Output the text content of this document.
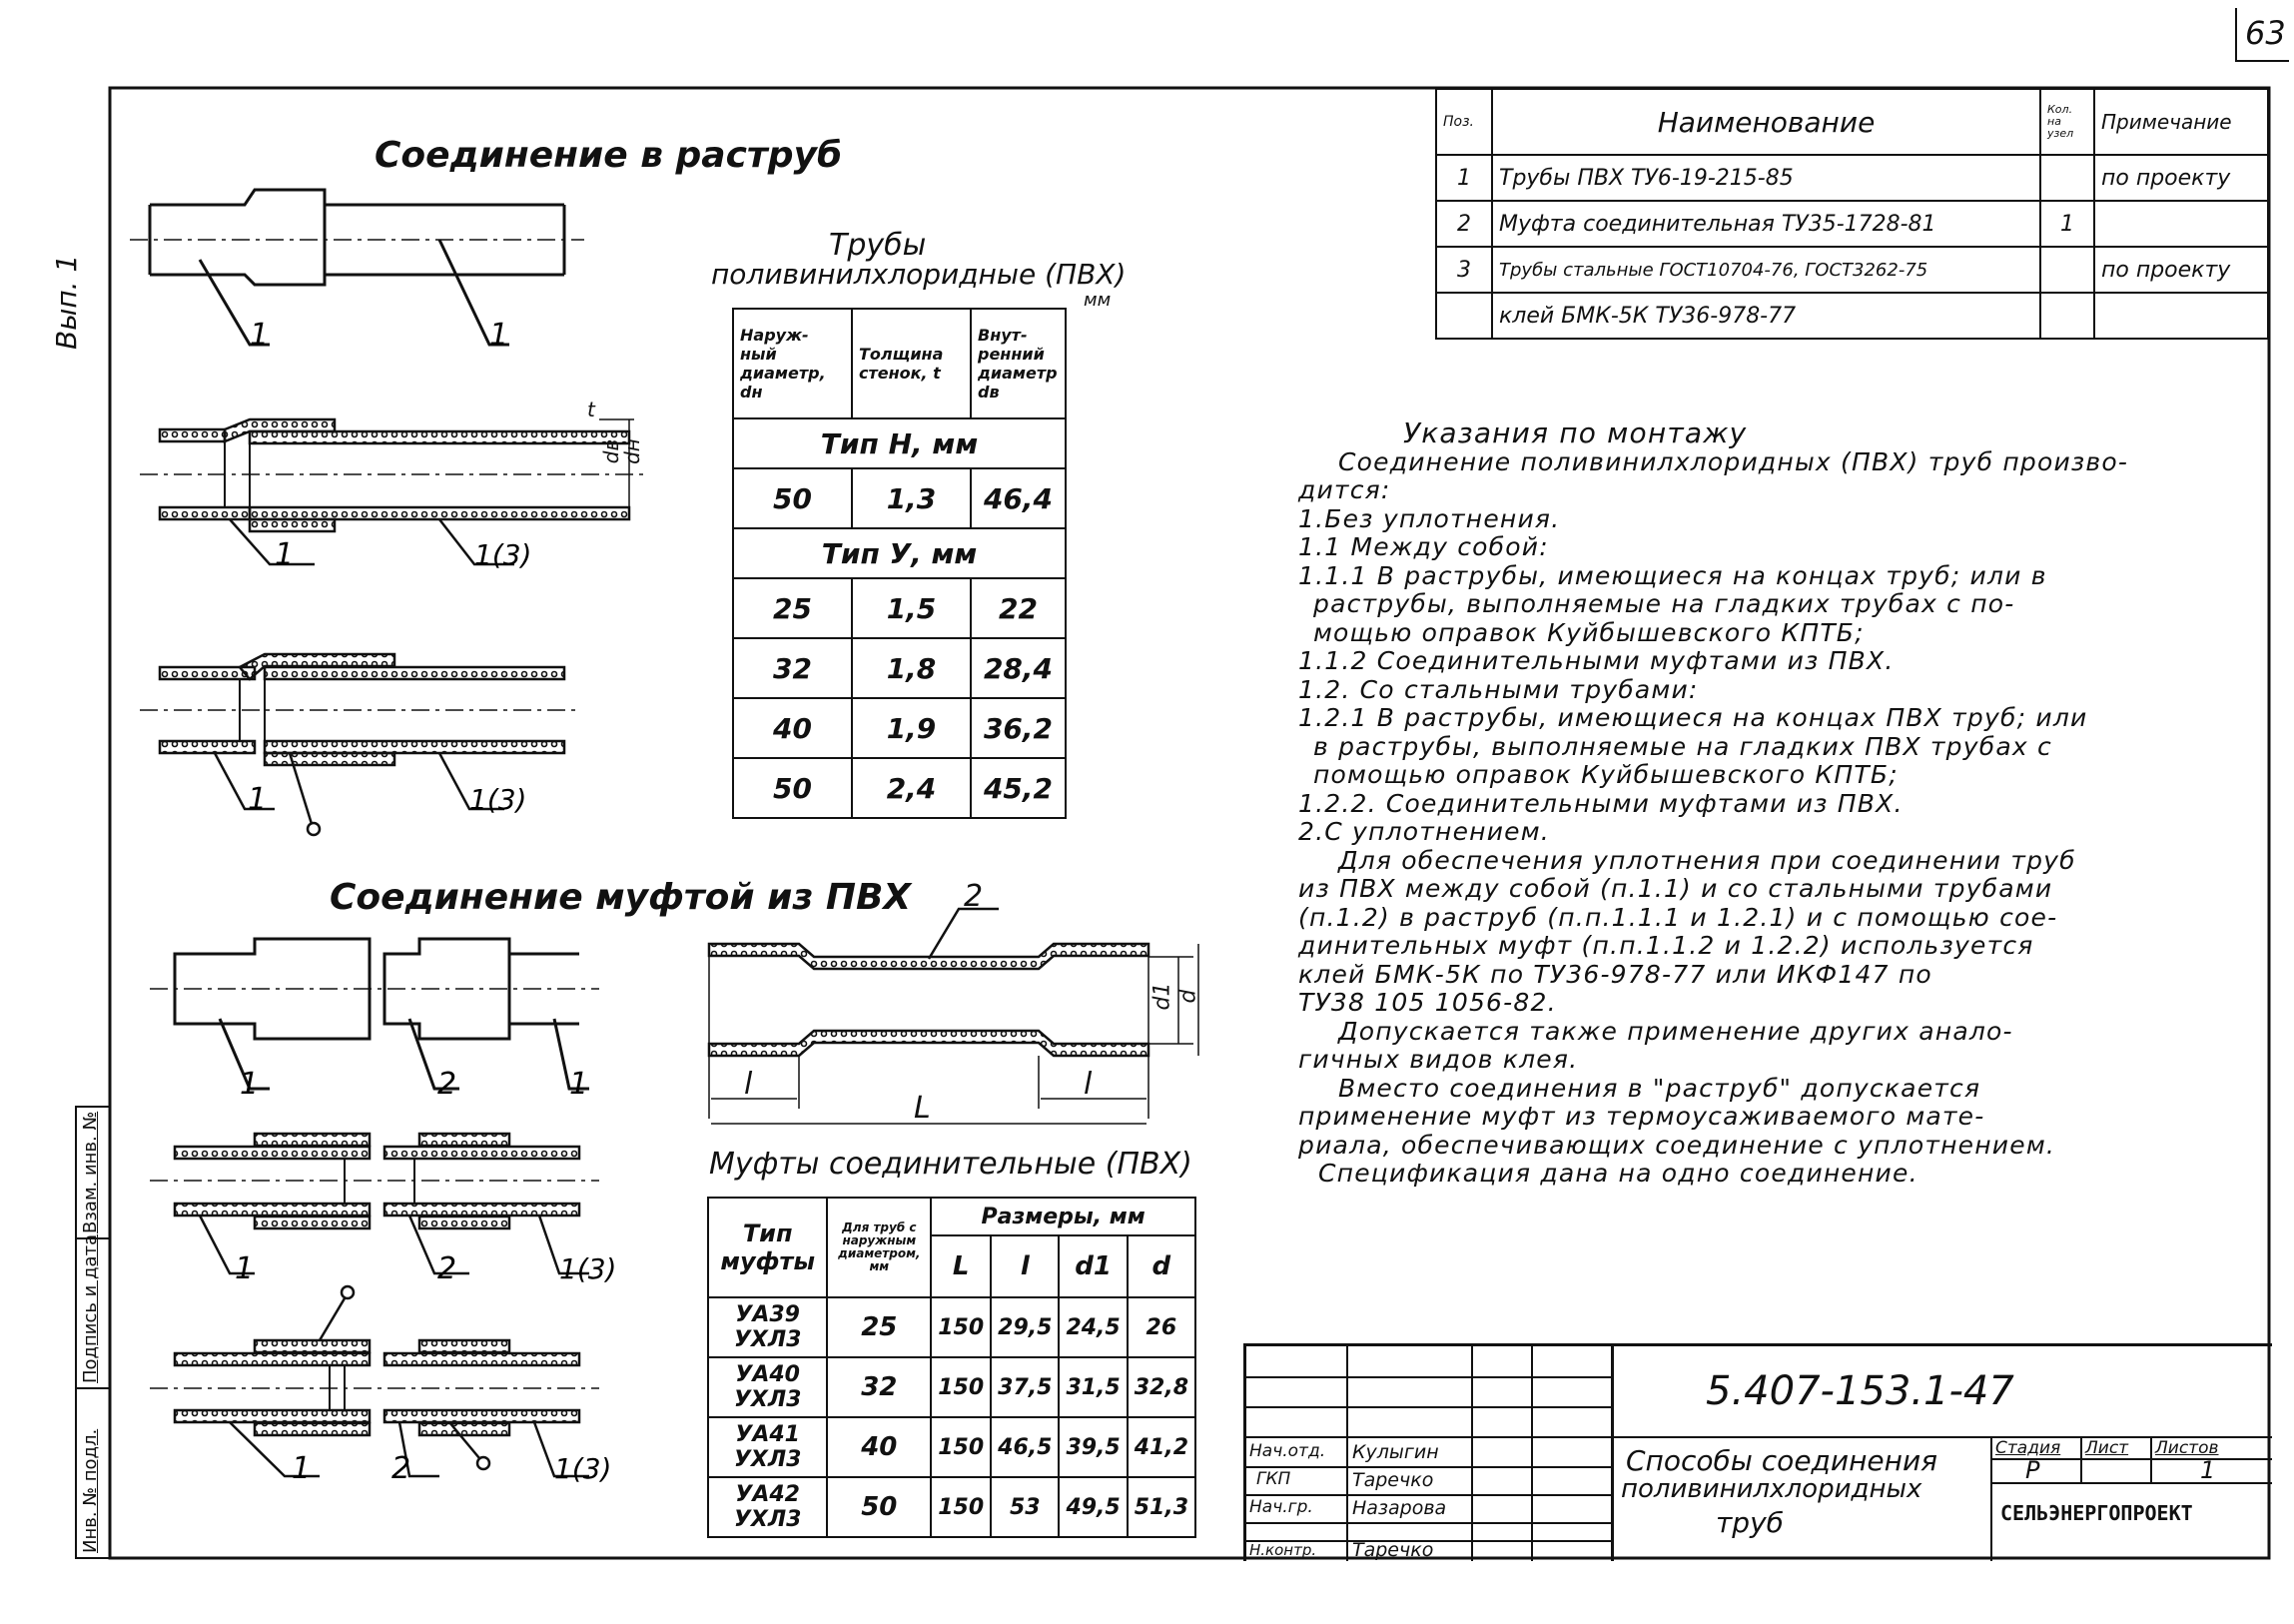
63
1	1
1	1(3)
1	1(3)
1	2	1
1	2	1(3)
1	2	1(3)
Вып. 1
Инв. № подл.
Подпись и дата
Взам. инв. №
Соединение в раструб
Соединение муфтой из ПВХ
t
dв
dн
2
l	l
L
d1 d
Трубы
поливинилхлоридные (ПВХ)
мм
Наруж-ный диаметр, dн	Толщина стенок, t	Внут-ренний диаметр dв
Тип Н, мм		
50	1,3	46,4
Тип У, мм		
25	1,5	22
32	1,8	28,4
40	1,9	36,2
50	2,4	45,2
Муфты соединительные (ПВХ)
Тип муфты	Для труб с наружным диаметром, мм	Размеры, мм			
		L	l	d1	d
УА39 УХЛ3	25	150	29,5	24,5	26
УА40 УХЛ3	32	150	37,5	31,5	32,8
УА41 УХЛ3	40	150	46,5	39,5	41,2
УА42 УХЛ3	50	150	53	49,5	51,3
Поз.	Наименование	Кол. на узел	Примечание
1	Трубы ПВХ ТУ6-19-215-85		по проекту
2	Муфта соединительная ТУ35-1728-81	1	
3	Трубы стальные ГОСТ10704-76, ГОСТ3262-75		по проекту
	клей БМК-5К ТУ36-978-77		
Указания по монтажу
Соединение поливинилхлоридных (ПВХ) труб произво-
дится:
1.Без уплотнения.
1.1 Между собой:
1.1.1 В раструбы, имеющиеся на концах труб; или в
раструбы, выполняемые на гладких трубах с по-
мощью оправок Куйбышевского КПТБ;
1.1.2 Соединительными муфтами из ПВХ.
1.2. Со стальными трубами:
1.2.1 В раструбы, имеющиеся на концах ПВХ труб; или
в раструбы, выполняемые на гладких ПВХ трубах с
помощью оправок Куйбышевского КПТБ;
1.2.2. Соединительными муфтами из ПВХ.
2.С уплотнением.
Для обеспечения уплотнения при соединении труб
из ПВХ между собой (п.1.1) и со стальными трубами
(п.1.2) в раструб (п.п.1.1.1 и 1.2.1) и с помощью сое-
динительных муфт (п.п.1.1.2 и 1.2.2) используется
клей БМК-5К по ТУ36-978-77 или ИКФ147 по
ТУ38 105 1056-82.
Допускается также применение других анало-
гичных видов клея.
Вместо соединения в "раструб" допускается
применение муфт из термоусаживаемого мате-
риала, обеспечивающих соединение с уплотнением.
Спецификация дана на одно соединение.
Нач.отд. Кулыгин
ГКП	Таречко
Нач.гр. Назарова
Н.контр. Таречко
5.407-153.1-47
Способы соединения
поливинилхлоридных
труб
Стадия Лист Листов
Р	1
СЕЛЬЭНЕРГОПРОЕКТ
